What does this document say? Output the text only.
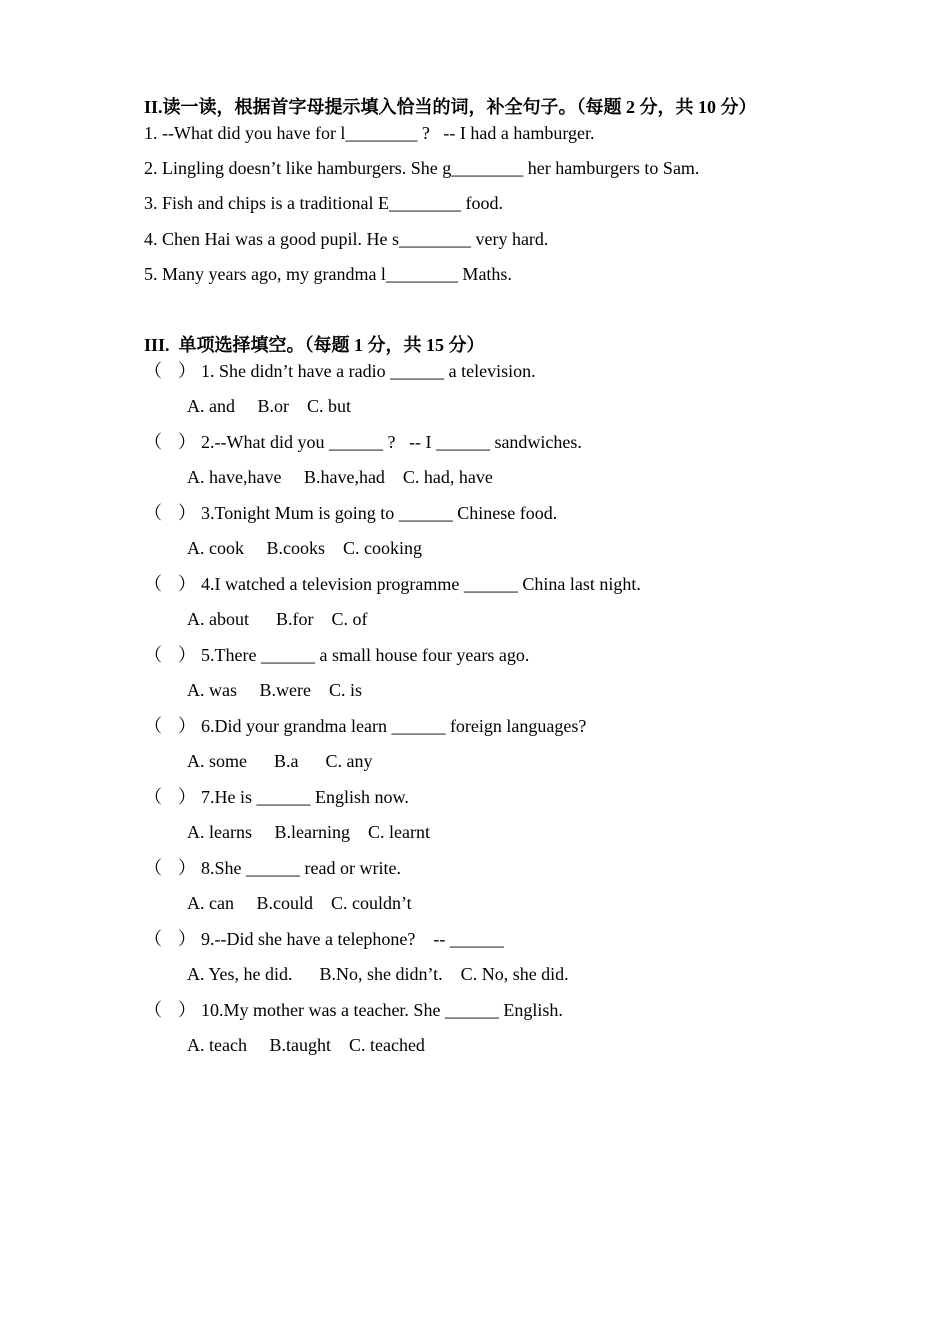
II.读一读，根据首字母提示填入恰当的词，补全句子。（每题 2 分，共 10 分）
1. --What did you have for l________ ?   -- I had a hamburger.
2. Lingling doesn’t like hamburgers. She g________ her hamburgers to Sam.
3. Fish and chips is a traditional E________ food.
4. Chen Hai was a good pupil. He s________ very hard.
5. Many years ago, my grandma l________ Maths.
III.  单项选择填空。（每题 1 分，共 15 分）
（ ） 1. She didn’t have a radio ______ a television.
A. and     B.or    C. but
（ ） 2.--What did you ______ ?   -- I ______ sandwiches.
A. have,have     B.have,had    C. had, have
（ ） 3.Tonight Mum is going to ______ Chinese food.
A. cook     B.cooks    C. cooking
（ ） 4.I watched a television programme ______ China last night.
A. about      B.for    C. of
（ ） 5.There ______ a small house four years ago.
A. was     B.were    C. is
（ ） 6.Did your grandma learn ______ foreign languages?
A. some      B.a      C. any
（ ） 7.He is ______ English now.
A. learns     B.learning    C. learnt
（ ） 8.She ______ read or write.
A. can     B.could    C. couldn’t
（ ） 9.--Did she have a telephone?    -- ______
A. Yes, he did.      B.No, she didn’t.    C. No, she did.
（ ） 10.My mother was a teacher. She ______ English.
A. teach     B.taught    C. teached
